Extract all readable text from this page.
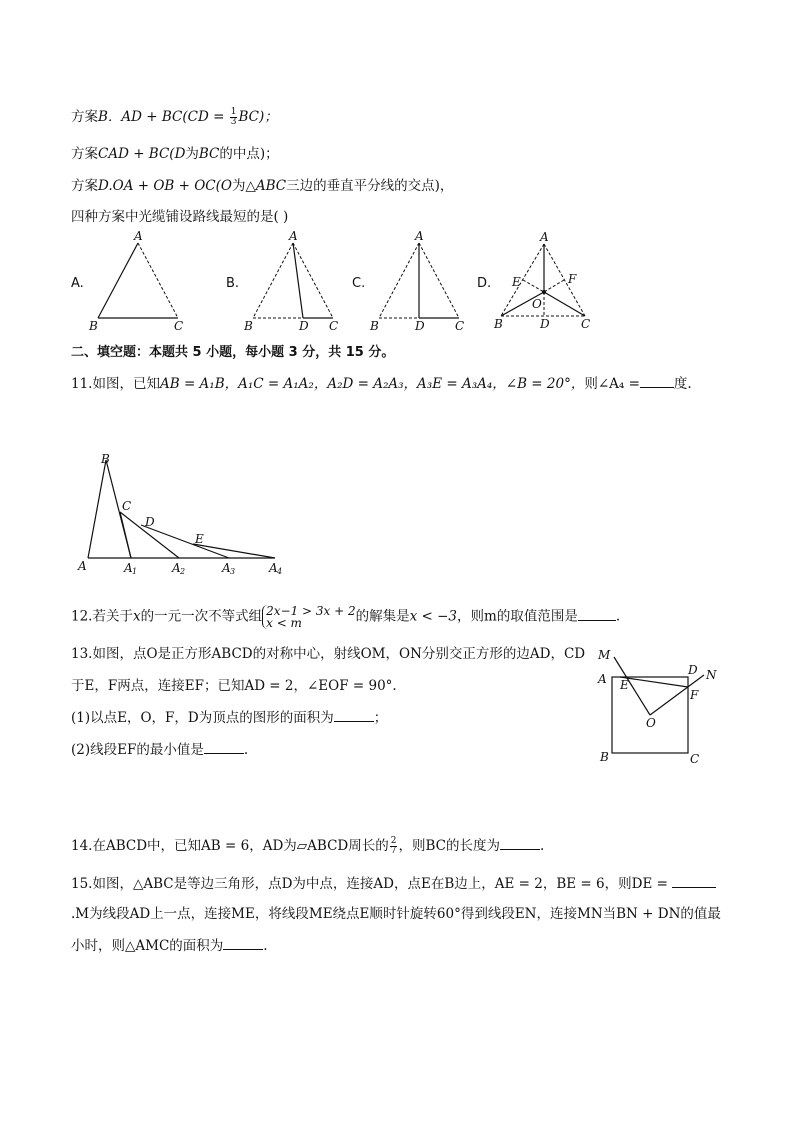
方案B．AD + $BC(CD = \frac{1}{3} BC)$；
方案CAD + BC(D为BC的中点)；
方案D.OA + OB + OC(O为△ABC三边的垂直平分线的交点)，
四种方案中光缆铺设路线最短的是( )
A.	B.	C.	D.
A
B	C
A
B	D C
A
B	D	C
A
E	F
O
B	D	C
二、填空题：本题共 5 小题，每小题 3 分，共 15 分。
11.如图，已知AB = A₁B，A₁C = A₁A₂，A₂D = A₂A₃，A₃E = A₃A₄，∠B = 20°，则∠A₄ =	度.
B
C
D
E
A	A 1	A 2	A 3	A 4
12.若关于x的一元一次不等式组 2x−1 > 3x + 2
x < m	的解集是x < −3，则m的取值范围是	.
13.如图，点O是正方形ABCD的对称中心，射线OM，ON分别交正方形的边AD，CD
于E，F两点，连接EF；已知AD = 2，∠EOF = 90°.
(1)以点E，O，F，D为顶点的图形的面积为	；
(2)线段EF的最小值是	.
M
N
D
A E
F
O
B	C
14.在ABCD中，已知AB = 6，AD为▱ABCD周长的 $\frac{2}{7}$ ，则BC的长度为	.
15.如图，△ABC是等边三角形，点D为中点，连接AD，点E在B边上，AE = 2，BE = 6，则DE =
.M为线段AD上一点，连接ME，将线段ME绕点E顺时针旋转60°得到线段EN，连接MN当BN + DN的值最
小时，则△AMC的面积为	.
